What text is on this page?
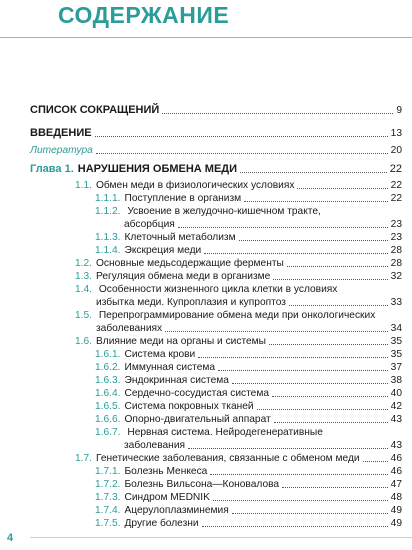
СОДЕРЖАНИЕ
СПИСОК СОКРАЩЕНИЙ	9
ВВЕДЕНИЕ	13
Литература	20
Глава 1. НАРУШЕНИЯ ОБМЕНА МЕДИ	22
1.1. Обмен меди в физиологических условиях	22
1.1.1. Поступление в организм	22
1.1.2. Усвоение в желудочно-кишечном тракте,
абсорбция	23
1.1.3. Клеточный метаболизм	23
1.1.4. Экскреция меди	28
1.2. Основные медьсодержащие ферменты	28
1.3. Регуляция обмена меди в организме	32
1.4. Особенности жизненного цикла клетки в условиях
избытка меди. Купроплазия и купроптоз	33
1.5. Перепрограммирование обмена меди при онкологических
заболеваниях	34
1.6. Влияние меди на органы и системы	35
1.6.1. Система крови	35
1.6.2. Иммунная система	37
1.6.3. Эндокринная система	38
1.6.4. Сердечно-сосудистая система	40
1.6.5. Система покровных тканей	42
1.6.6. Опорно-двигательный аппарат	43
1.6.7. Нервная система. Нейродегенеративные
заболевания	43
1.7. Генетические заболевания, связанные с обменом меди	46
1.7.1. Болезнь Менкеса	46
1.7.2. Болезнь Вильсона—Коновалова	47
1.7.3. Синдром MEDNIK	48
1.7.4. Ацерулоплазминемия	49
1.7.5. Другие болезни	49
4
